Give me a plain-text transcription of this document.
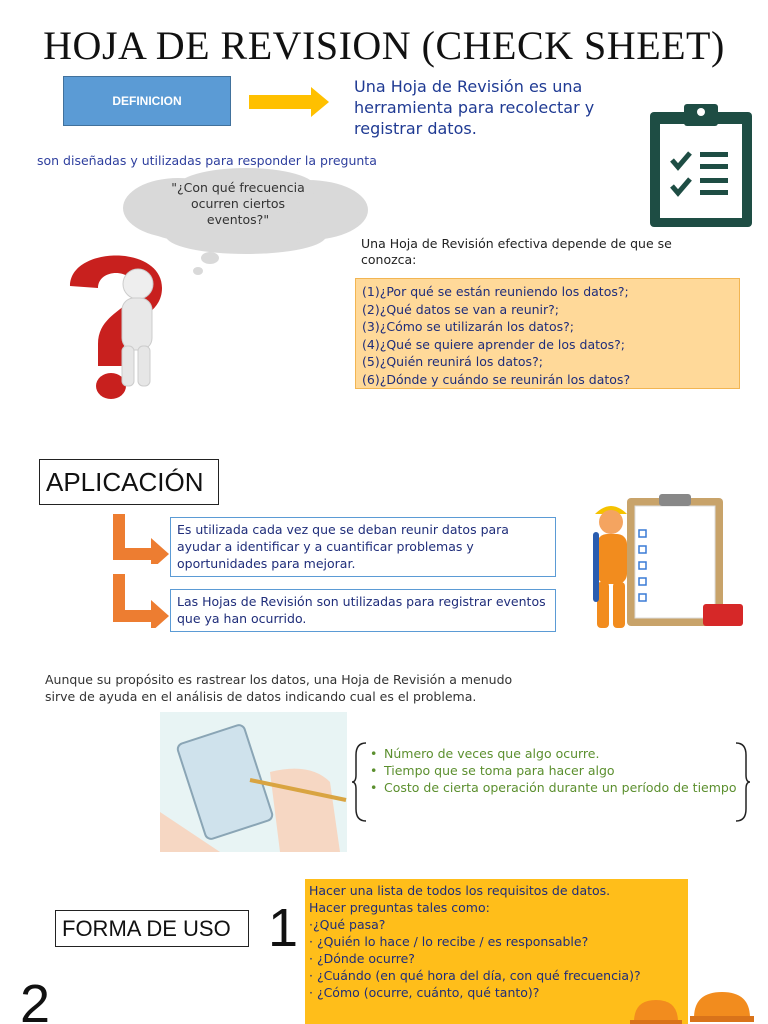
HOJA DE REVISION (CHECK SHEET)
DEFINICION
Una Hoja de Revisión es una herramienta para recolectar y registrar datos.
son diseñadas y utilizadas para responder la pregunta
"¿Con qué frecuencia ocurren ciertos eventos?"
Una Hoja de Revisión efectiva depende de que se conozca:
(1)¿Por qué se están reuniendo los datos?;
(2)¿Qué datos se van a reunir?;
(3)¿Cómo se utilizarán los datos?;
(4)¿Qué se quiere aprender de los datos?;
(5)¿Quién reunirá los datos?;
(6)¿Dónde y cuándo se reunirán los datos?
APLICACIÓN
Es utilizada cada vez que se deban reunir datos para ayudar a identificar y a cuantificar problemas y oportunidades para mejorar.
Las Hojas de Revisión son utilizadas para registrar eventos que ya han ocurrido.
Aunque su propósito es rastrear los datos, una Hoja de Revisión a menudo sirve de ayuda en el análisis de datos indicando cual es el problema.
• Número de veces que algo ocurre.
• Tiempo que se toma para hacer algo
• Costo de cierta operación durante un período de tiempo
FORMA DE USO 1
2
Hacer una lista de todos los requisitos de datos.
Hacer preguntas tales como:
·¿Qué pasa?
· ¿Quién lo hace / lo recibe / es responsable?
· ¿Dónde ocurre?
· ¿Cuándo (en qué hora del día, con qué frecuencia)?
· ¿Cómo (ocurre, cuánto, qué tanto)?
